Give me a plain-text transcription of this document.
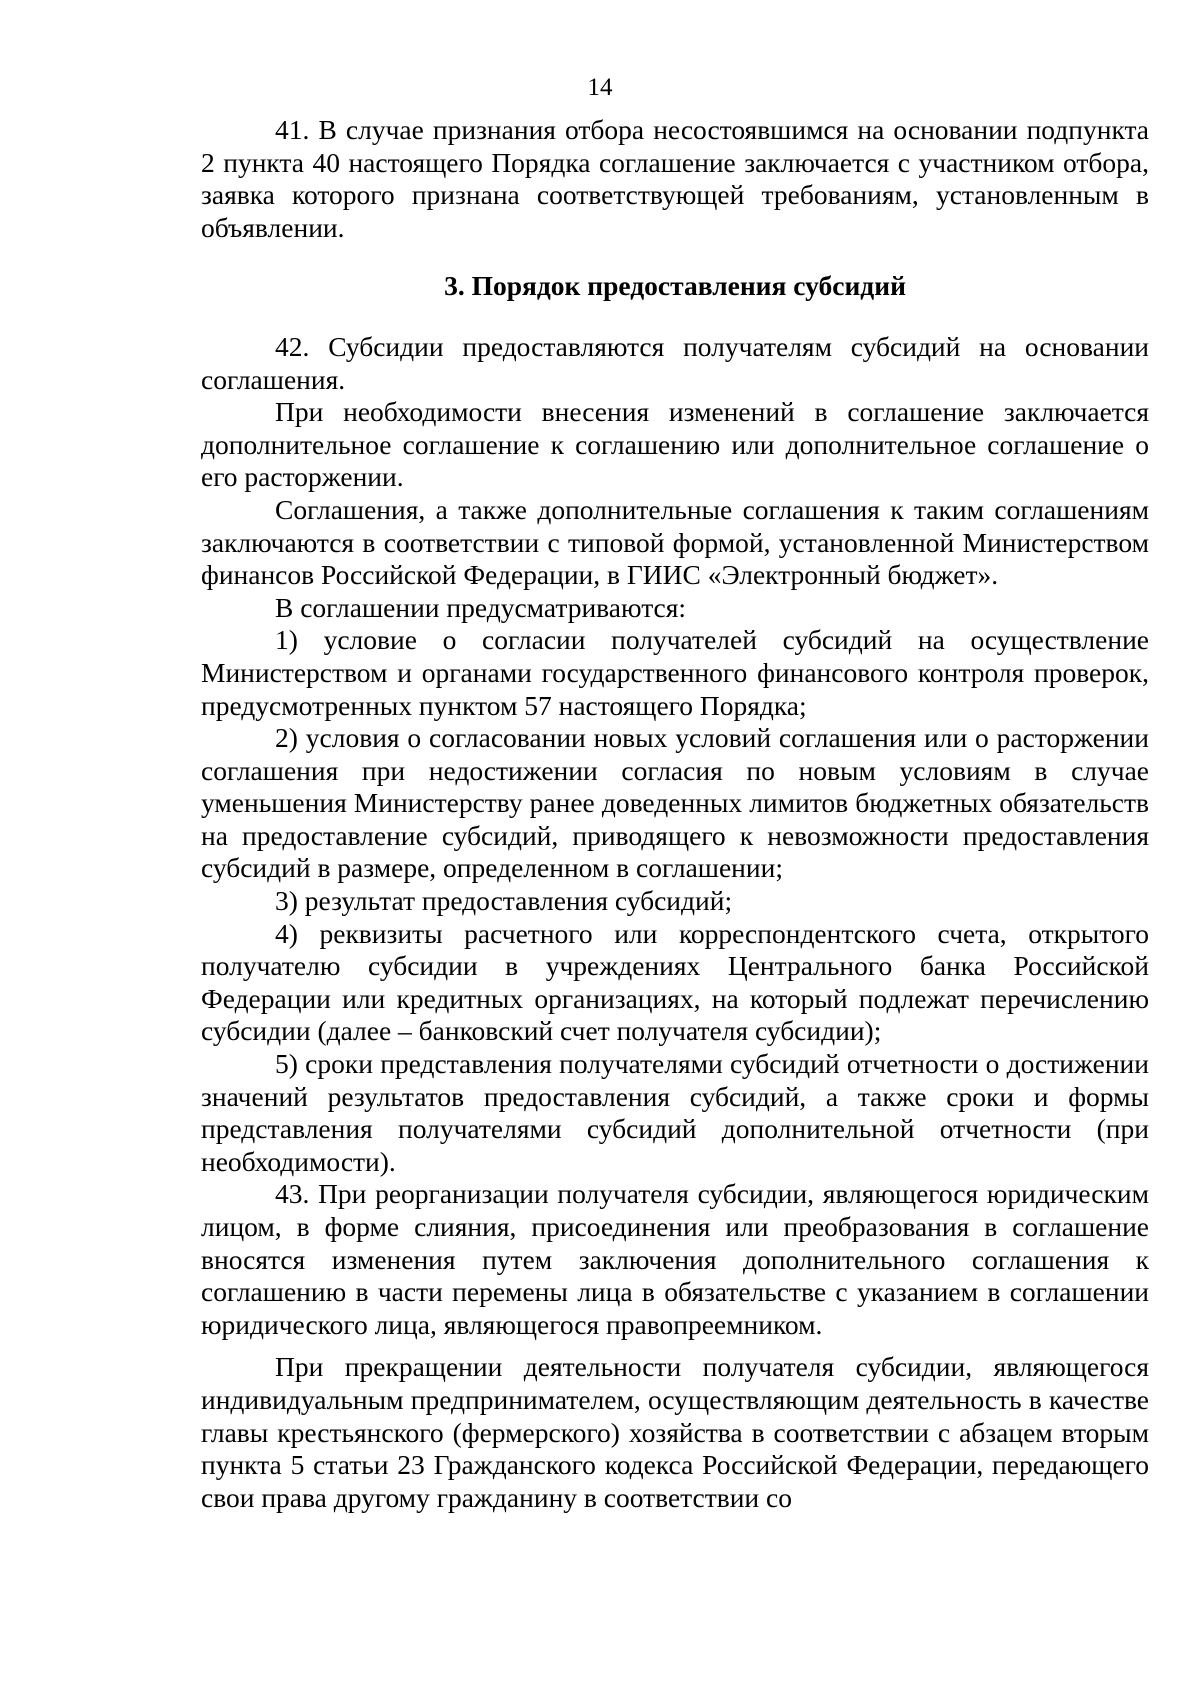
14

41. В случае признания отбора несостоявшимся на основании подпункта 2 пункта 40 настоящего Порядка соглашение заключается с участником отбора, заявка которого признана соответствующей требованиям, установленным в объявлении.

3. Порядок предоставления субсидий

42. Субсидии предоставляются получателям субсидий на основании соглашения.

При необходимости внесения изменений в соглашение заключается дополнительное соглашение к соглашению или дополнительное соглашение о его расторжении.

Соглашения, а также дополнительные соглашения к таким соглашениям заключаются в соответствии с типовой формой, установленной Министерством финансов Российской Федерации, в ГИИС «Электронный бюджет».

В соглашении предусматриваются:

1) условие о согласии получателей субсидий на осуществление Министерством и органами государственного финансового контроля проверок, предусмотренных пунктом 57 настоящего Порядка;

2) условия о согласовании новых условий соглашения или о расторжении соглашения при недостижении согласия по новым условиям в случае уменьшения Министерству ранее доведенных лимитов бюджетных обязательств на предоставление субсидий, приводящего к невозможности предоставления субсидий в размере, определенном в соглашении;

3) результат предоставления субсидий;

4) реквизиты расчетного или корреспондентского счета, открытого получателю субсидии в учреждениях Центрального банка Российской Федерации или кредитных организациях, на который подлежат перечислению субсидии (далее – банковский счет получателя субсидии);

5) сроки представления получателями субсидий отчетности о достижении значений результатов предоставления субсидий, а также сроки и формы представления получателями субсидий дополнительной отчетности (при необходимости).

43. При реорганизации получателя субсидии, являющегося юридическим лицом, в форме слияния, присоединения или преобразования в соглашение вносятся изменения путем заключения дополнительного соглашения к соглашению в части перемены лица в обязательстве с указанием в соглашении юридического лица, являющегося правопреемником.

При прекращении деятельности получателя субсидии, являющегося индивидуальным предпринимателем, осуществляющим деятельность в качестве главы крестьянского (фермерского) хозяйства в соответствии с абзацем вторым пункта 5 статьи 23 Гражданского кодекса Российской Федерации, передающего свои права другому гражданину в соответствии со
